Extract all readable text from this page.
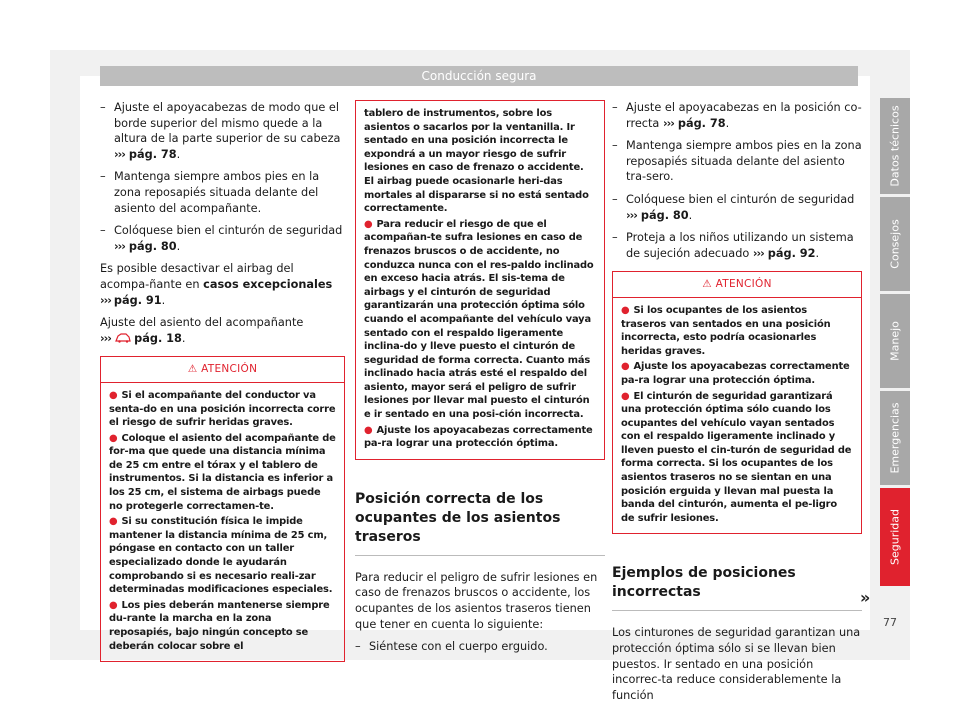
Conducción segura
– Ajuste el apoyacabezas de modo que el borde superior del mismo quede a la altura de la parte superior de su cabeza ››› pág. 78.
– Mantenga siempre ambos pies en la zona reposapiés situada delante del asiento del acompañante.
– Colóquese bien el cinturón de seguridad ››› pág. 80.

Es posible desactivar el airbag del acompa-ñante en casos excepcionales ››› pág. 91.

Ajuste del asiento del acompañante
››› pág. 18.

⚠ ATENCIÓN

● Si el acompañante del conductor va senta-do en una posición incorrecta corre el riesgo de sufrir heridas graves.

● Coloque el asiento del acompañante de for-ma que quede una distancia mínima de 25 cm entre el tórax y el tablero de instrumentos. Si la distancia es inferior a los 25 cm, el sistema de airbags puede no protegerle correctamen-te.

● Si su constitución física le impide mantener la distancia mínima de 25 cm, póngase en contacto con un taller especializado donde le ayudarán comprobando si es necesario reali-zar determinadas modificaciones especiales.

● Los pies deberán mantenerse siempre du-rante la marcha en la zona reposapiés, bajo ningún concepto se deberán colocar sobre el

tablero de instrumentos, sobre los asientos o sacarlos por la ventanilla. Ir sentado en una posición incorrecta le expondrá a un mayor riesgo de sufrir lesiones en caso de frenazo o accidente. El airbag puede ocasionarle heri-das mortales al dispararse si no está sentado correctamente.

● Para reducir el riesgo de que el acompañan-te sufra lesiones en caso de frenazos bruscos o de accidente, no conduzca nunca con el res-paldo inclinado en exceso hacia atrás. El sis-tema de airbags y el cinturón de seguridad garantizarán una protección óptima sólo cuando el acompañante del vehículo vaya sentado con el respaldo ligeramente inclina-do y lleve puesto el cinturón de seguridad de forma correcta. Cuanto más inclinado hacia atrás esté el respaldo del asiento, mayor será el peligro de sufrir lesiones por llevar mal puesto el cinturón e ir sentado en una posi-ción incorrecta.

● Ajuste los apoyacabezas correctamente pa-ra lograr una protección óptima.

Posición correcta de los ocupantes de los asientos traseros

Para reducir el peligro de sufrir lesiones en caso de frenazos bruscos o accidente, los ocupantes de los asientos traseros tienen que tener en cuenta lo siguiente:

– Siéntese con el cuerpo erguido.
– Ajuste el apoyacabezas en la posición co-rrecta ››› pág. 78.
– Mantenga siempre ambos pies en la zona reposapiés situada delante del asiento tra-sero.
– Colóquese bien el cinturón de seguridad ››› pág. 80.
– Proteja a los niños utilizando un sistema de sujeción adecuado ››› pág. 92.
⚠ ATENCIÓN

● Si los ocupantes de los asientos traseros van sentados en una posición incorrecta, esto podría ocasionarles heridas graves.

● Ajuste los apoyacabezas correctamente pa-ra lograr una protección óptima.

● El cinturón de seguridad garantizará una protección óptima sólo cuando los ocupantes del vehículo vayan sentados con el respaldo ligeramente inclinado y lleven puesto el cin-turón de seguridad de forma correcta. Si los ocupantes de los asientos traseros no se sientan en una posición erguida y llevan mal puesta la banda del cinturón, aumenta el pe-ligro de sufrir lesiones.

Ejemplos de posiciones incorrectas

Los cinturones de seguridad garantizan una protección óptima sólo si se llevan bien puestos. Ir sentado en una posición incorrec-ta reduce considerablemente la función

Datos técnicos
Consejos
Manejo
Emergencias
Seguridad
»
77
